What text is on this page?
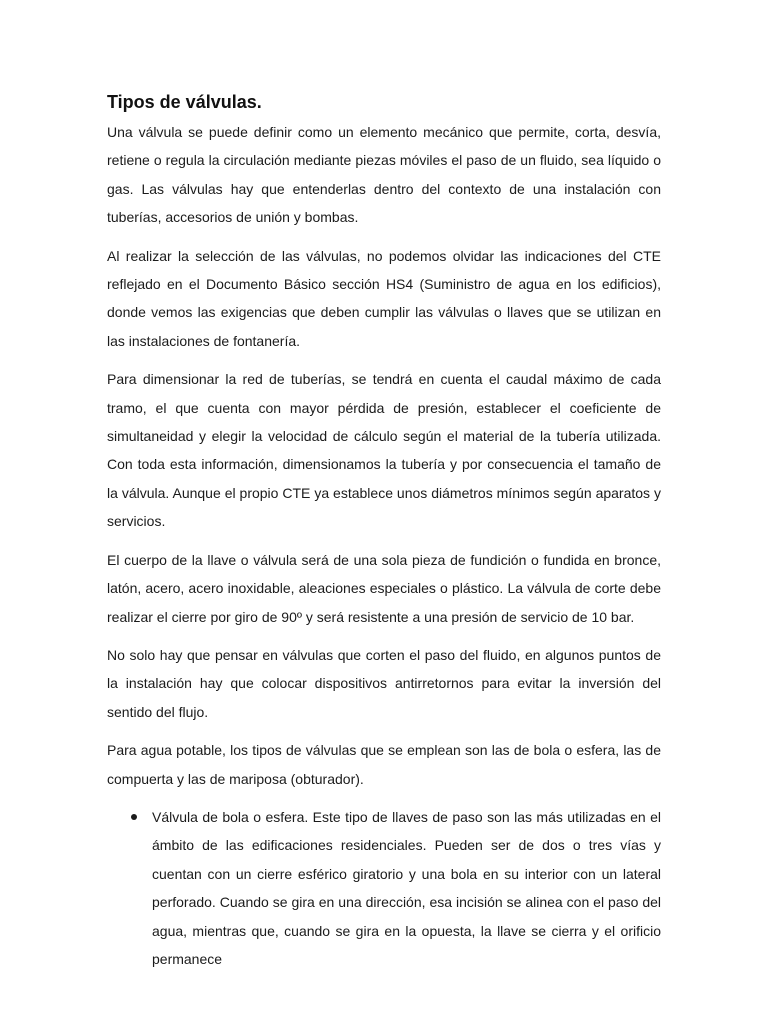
Tipos de válvulas.

Una válvula se puede definir como un elemento mecánico que permite, corta, desvía, retiene o regula la circulación mediante piezas móviles el paso de un fluido, sea líquido o gas. Las válvulas hay que entenderlas dentro del contexto de una instalación con tuberías, accesorios de unión y bombas.

Al realizar la selección de las válvulas, no podemos olvidar las indicaciones del CTE reflejado en el Documento Básico sección HS4 (Suministro de agua en los edificios), donde vemos las exigencias que deben cumplir las válvulas o llaves que se utilizan en las instalaciones de fontanería.

Para dimensionar la red de tuberías, se tendrá en cuenta el caudal máximo de cada tramo, el que cuenta con mayor pérdida de presión, establecer el coeficiente de simultaneidad y elegir la velocidad de cálculo según el material de la tubería utilizada. Con toda esta información, dimensionamos la tubería y por consecuencia el tamaño de la válvula. Aunque el propio CTE ya establece unos diámetros mínimos según aparatos y servicios.

El cuerpo de la llave o válvula será de una sola pieza de fundición o fundida en bronce, latón, acero, acero inoxidable, aleaciones especiales o plástico. La válvula de corte debe realizar el cierre por giro de 90º y será resistente a una presión de servicio de 10 bar.

No solo hay que pensar en válvulas que corten el paso del fluido, en algunos puntos de la instalación hay que colocar dispositivos antirretornos para evitar la inversión del sentido del flujo.

Para agua potable, los tipos de válvulas que se emplean son las de bola o esfera, las de compuerta y las de mariposa (obturador).

Válvula de bola o esfera. Este tipo de llaves de paso son las más utilizadas en el ámbito de las edificaciones residenciales. Pueden ser de dos o tres vías y cuentan con un cierre esférico giratorio y una bola en su interior con un lateral perforado. Cuando se gira en una dirección, esa incisión se alinea con el paso del agua, mientras que, cuando se gira en la opuesta, la llave se cierra y el orificio permanece
